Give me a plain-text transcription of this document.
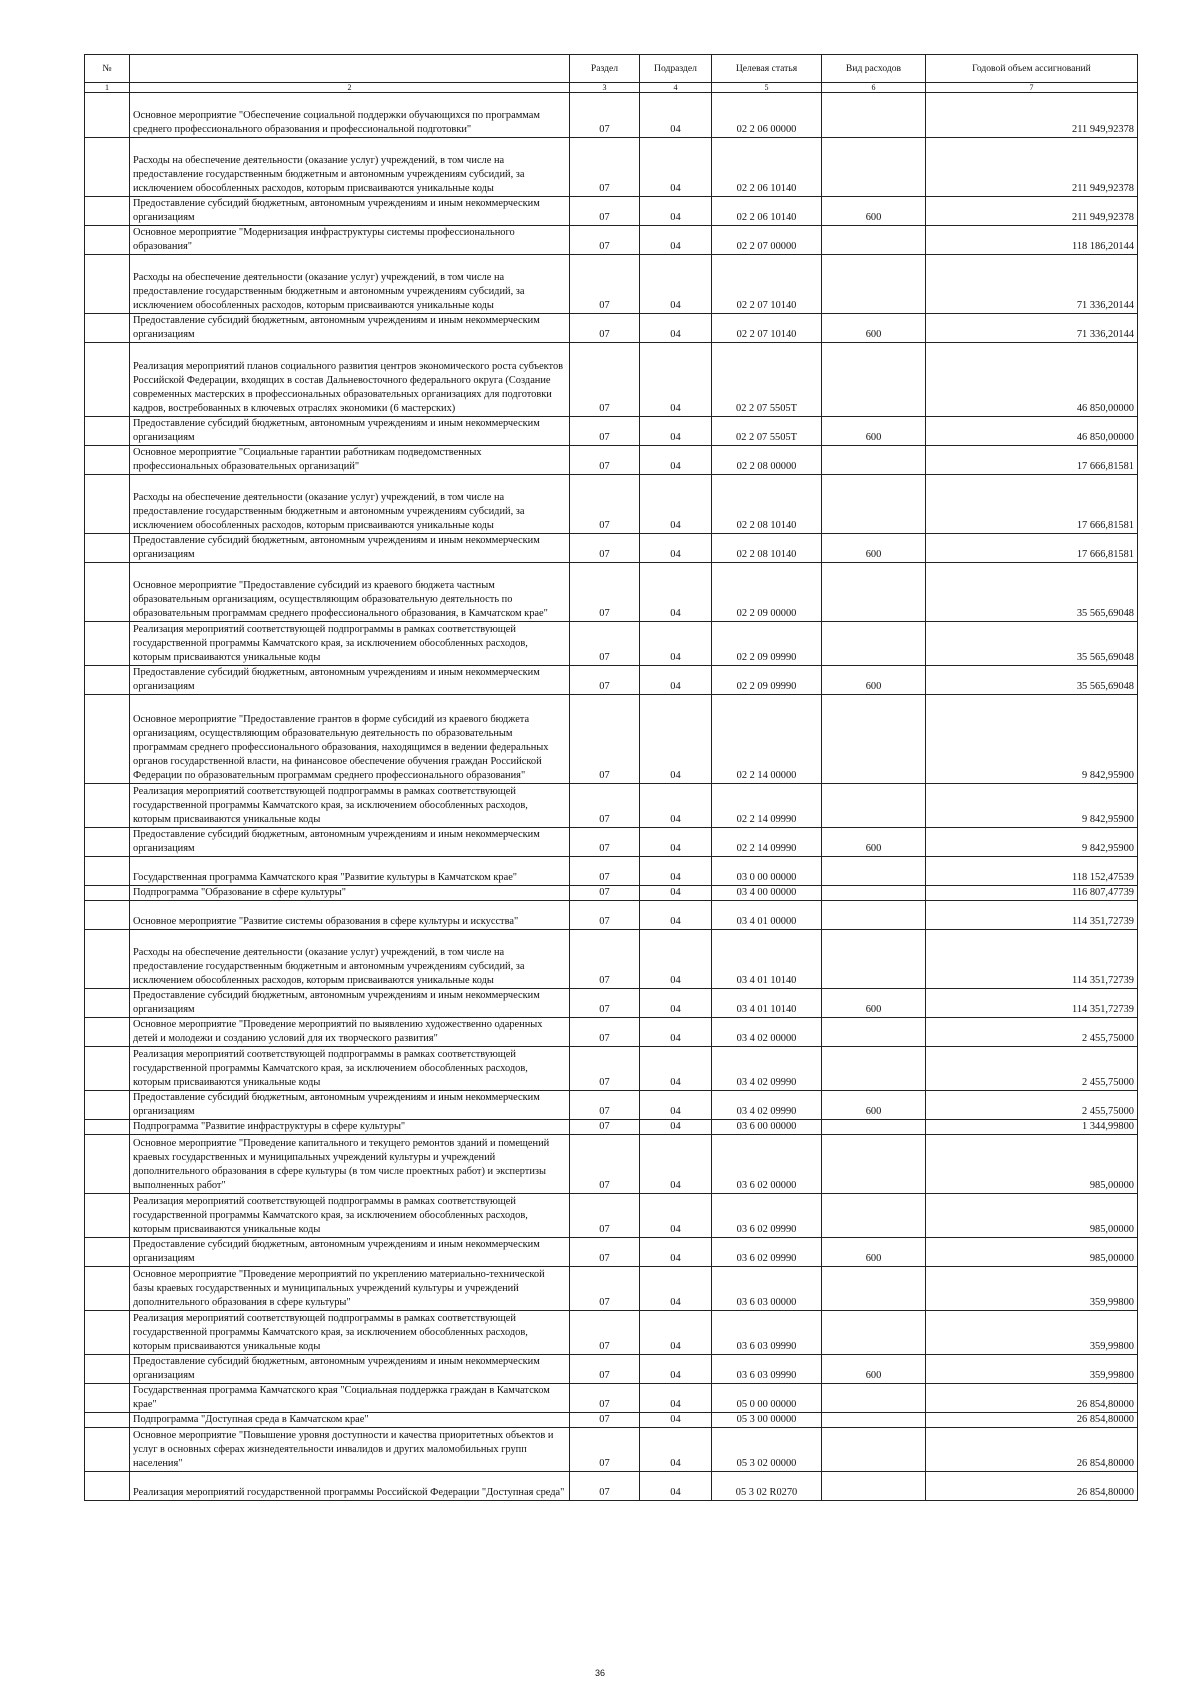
№		Раздел	Подраздел	Целевая статья	Вид расходов	Годовой объем ассигнований
1	2	3	4	5	6	7
	Основное мероприятие "Обеспечение социальной поддержки обучающихся по программам среднего профессионального образования и профессиональной подготовки"	07	04	02 2 06 00000		211 949,92378
	Расходы на обеспечение деятельности (оказание услуг) учреждений, в том числе на предоставление государственным бюджетным и автономным учреждениям субсидий, за исключением обособленных расходов, которым присваиваются уникальные коды	07	04	02 2 06 10140		211 949,92378
	Предоставление субсидий бюджетным, автономным учреждениям и иным некоммерческим организациям	07	04	02 2 06 10140	600	211 949,92378
	Основное мероприятие "Модернизация инфраструктуры системы профессионального образования"	07	04	02 2 07 00000		118 186,20144
	Расходы на обеспечение деятельности (оказание услуг) учреждений, в том числе на предоставление государственным бюджетным и автономным учреждениям субсидий, за исключением обособленных расходов, которым присваиваются уникальные коды	07	04	02 2 07 10140		71 336,20144
	Предоставление субсидий бюджетным, автономным учреждениям и иным некоммерческим организациям	07	04	02 2 07 10140	600	71 336,20144
	Реализация мероприятий планов социального развития центров экономического роста субъектов Российской Федерации, входящих в состав Дальневосточного федерального округа (Создание современных мастерских в профессиональных образовательных организациях для подготовки кадров, востребованных в ключевых отраслях экономики (6 мастерских)	07	04	02 2 07 5505Т		46 850,00000
	Предоставление субсидий бюджетным, автономным учреждениям и иным некоммерческим организациям	07	04	02 2 07 5505Т	600	46 850,00000
	Основное мероприятие "Социальные гарантии работникам подведомственных профессиональных образовательных организаций"	07	04	02 2 08 00000		17 666,81581
	Расходы на обеспечение деятельности (оказание услуг) учреждений, в том числе на предоставление государственным бюджетным и автономным учреждениям субсидий, за исключением обособленных расходов, которым присваиваются уникальные коды	07	04	02 2 08 10140		17 666,81581
	Предоставление субсидий бюджетным, автономным учреждениям и иным некоммерческим организациям	07	04	02 2 08 10140	600	17 666,81581
	Основное мероприятие "Предоставление субсидий из краевого бюджета частным образовательным организациям, осуществляющим образовательную деятельность по образовательным программам среднего профессионального образования, в Камчатском крае"	07	04	02 2 09 00000		35 565,69048
	Реализация мероприятий соответствующей подпрограммы в рамках соответствующей государственной программы Камчатского края, за исключением обособленных расходов, которым присваиваются уникальные коды	07	04	02 2 09 09990		35 565,69048
	Предоставление субсидий бюджетным, автономным учреждениям и иным некоммерческим организациям	07	04	02 2 09 09990	600	35 565,69048
	Основное мероприятие "Предоставление грантов в форме субсидий из краевого бюджета организациям, осуществляющим образовательную деятельность по образовательным программам среднего профессионального образования, находящимся в ведении федеральных органов государственной власти, на финансовое обеспечение обучения граждан Российской Федерации по образовательным программам среднего профессионального образования"	07	04	02 2 14 00000		9 842,95900
	Реализация мероприятий соответствующей подпрограммы в рамках соответствующей государственной программы Камчатского края, за исключением обособленных расходов, которым присваиваются уникальные коды	07	04	02 2 14 09990		9 842,95900
	Предоставление субсидий бюджетным, автономным учреждениям и иным некоммерческим организациям	07	04	02 2 14 09990	600	9 842,95900
	Государственная программа Камчатского края "Развитие культуры в Камчатском крае"	07	04	03 0 00 00000		118 152,47539
	Подпрограмма "Образование в сфере культуры"	07	04	03 4 00 00000		116 807,47739
	Основное мероприятие "Развитие системы образования в сфере культуры и искусства"	07	04	03 4 01 00000		114 351,72739
	Расходы на обеспечение деятельности (оказание услуг) учреждений, в том числе на предоставление государственным бюджетным и автономным учреждениям субсидий, за исключением обособленных расходов, которым присваиваются уникальные коды	07	04	03 4 01 10140		114 351,72739
	Предоставление субсидий бюджетным, автономным учреждениям и иным некоммерческим организациям	07	04	03 4 01 10140	600	114 351,72739
	Основное мероприятие "Проведение мероприятий по выявлению художественно одаренных детей и молодежи и созданию условий для их творческого развития"	07	04	03 4 02 00000		2 455,75000
	Реализация мероприятий соответствующей подпрограммы в рамках соответствующей государственной программы Камчатского края, за исключением обособленных расходов, которым присваиваются уникальные коды	07	04	03 4 02 09990		2 455,75000
	Предоставление субсидий бюджетным, автономным учреждениям и иным некоммерческим организациям	07	04	03 4 02 09990	600	2 455,75000
	Подпрограмма "Развитие инфраструктуры в сфере культуры"	07	04	03 6 00 00000		1 344,99800
	Основное мероприятие "Проведение капитального и текущего ремонтов зданий и помещений краевых государственных и муниципальных учреждений культуры и учреждений дополнительного образования в сфере культуры (в том числе проектных работ) и экспертизы выполненных работ"	07	04	03 6 02 00000		985,00000
	Реализация мероприятий соответствующей подпрограммы в рамках соответствующей государственной программы Камчатского края, за исключением обособленных расходов, которым присваиваются уникальные коды	07	04	03 6 02 09990		985,00000
	Предоставление субсидий бюджетным, автономным учреждениям и иным некоммерческим организациям	07	04	03 6 02 09990	600	985,00000
	Основное мероприятие "Проведение мероприятий по укреплению материально-технической базы краевых государственных и муниципальных учреждений культуры и учреждений дополнительного образования в сфере культуры"	07	04	03 6 03 00000		359,99800
	Реализация мероприятий соответствующей подпрограммы в рамках соответствующей государственной программы Камчатского края, за исключением обособленных расходов, которым присваиваются уникальные коды	07	04	03 6 03 09990		359,99800
	Предоставление субсидий бюджетным, автономным учреждениям и иным некоммерческим организациям	07	04	03 6 03 09990	600	359,99800
	Государственная программа Камчатского края "Социальная поддержка граждан в Камчатском крае"	07	04	05 0 00 00000		26 854,80000
	Подпрограмма "Доступная среда в Камчатском крае"	07	04	05 3 00 00000		26 854,80000
	Основное мероприятие "Повышение уровня доступности и качества приоритетных объектов и услуг в основных сферах жизнедеятельности инвалидов и других маломобильных групп населения"	07	04	05 3 02 00000		26 854,80000
	Реализация мероприятий государственной программы Российской Федерации "Доступная среда"	07	04	05 3 02 R0270		26 854,80000
36
